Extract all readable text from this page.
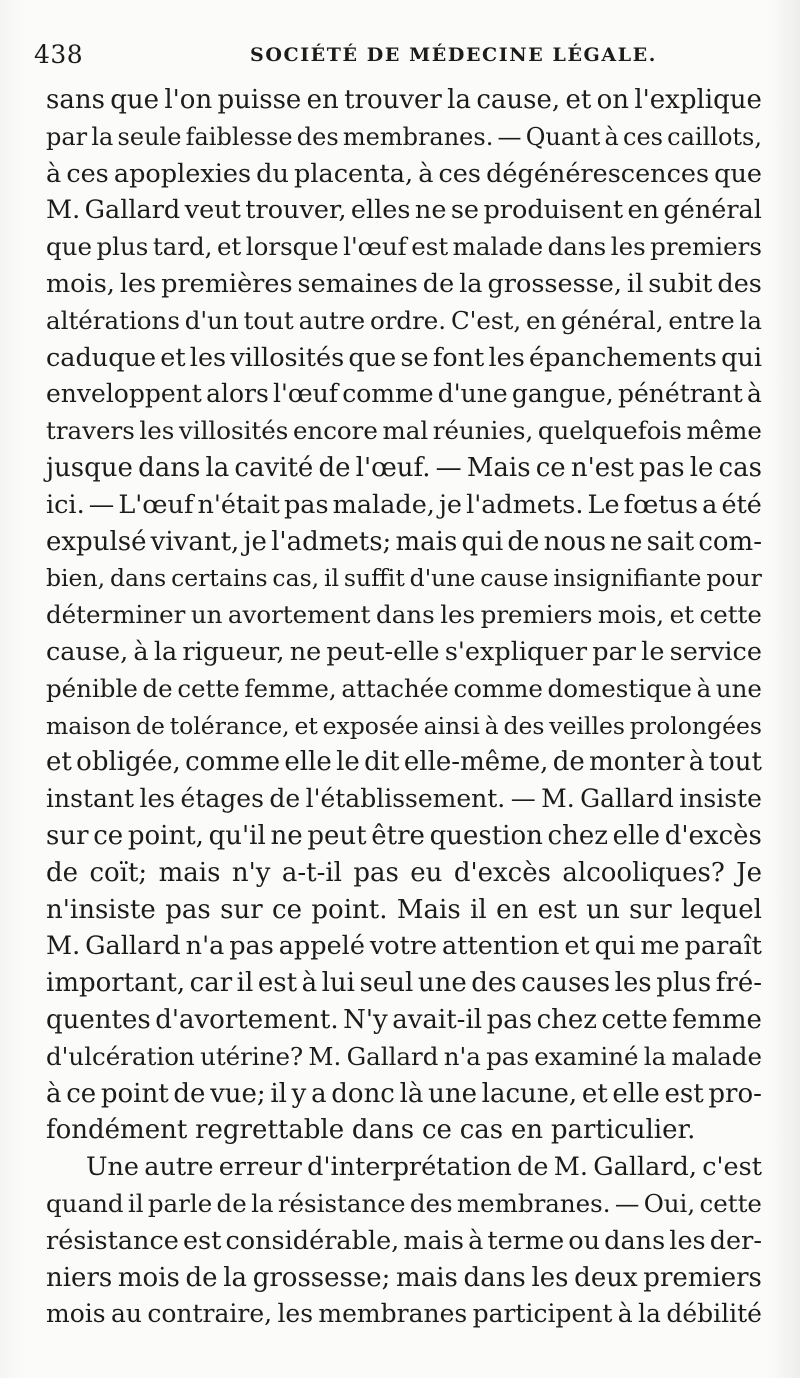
438	SOCIÉTÉ DE MÉDECINE LÉGALE.
sans que l'on puisse en trouver la cause, et on l'explique
par la seule faiblesse des membranes. — Quant à ces caillots,
à ces apoplexies du placenta, à ces dégénérescences que
M. Gallard veut trouver, elles ne se produisent en général
que plus tard, et lorsque l'œuf est malade dans les premiers
mois, les premières semaines de la grossesse, il subit des
altérations d'un tout autre ordre. C'est, en général, entre la
caduque et les villosités que se font les épanchements qui
enveloppent alors l'œuf comme d'une gangue, pénétrant à
travers les villosités encore mal réunies, quelquefois même
jusque dans la cavité de l'œuf. — Mais ce n'est pas le cas
ici. — L'œuf n'était pas malade, je l'admets. Le fœtus a été
expulsé vivant, je l'admets; mais qui de nous ne sait com-
bien, dans certains cas, il suffit d'une cause insignifiante pour
déterminer un avortement dans les premiers mois, et cette
cause, à la rigueur, ne peut-elle s'expliquer par le service
pénible de cette femme, attachée comme domestique à une
maison de tolérance, et exposée ainsi à des veilles prolongées
et obligée, comme elle le dit elle-même, de monter à tout
instant les étages de l'établissement. — M. Gallard insiste
sur ce point, qu'il ne peut être question chez elle d'excès
de coït; mais n'y a-t-il pas eu d'excès alcooliques? Je
n'insiste pas sur ce point. Mais il en est un sur lequel
M. Gallard n'a pas appelé votre attention et qui me paraît
important, car il est à lui seul une des causes les plus fré-
quentes d'avortement. N'y avait-il pas chez cette femme
d'ulcération utérine? M. Gallard n'a pas examiné la malade
à ce point de vue; il y a donc là une lacune, et elle est pro-
fondément regrettable dans ce cas en particulier.
Une autre erreur d'interprétation de M. Gallard, c'est
quand il parle de la résistance des membranes. — Oui, cette
résistance est considérable, mais à terme ou dans les der-
niers mois de la grossesse; mais dans les deux premiers
mois au contraire, les membranes participent à la débilité
